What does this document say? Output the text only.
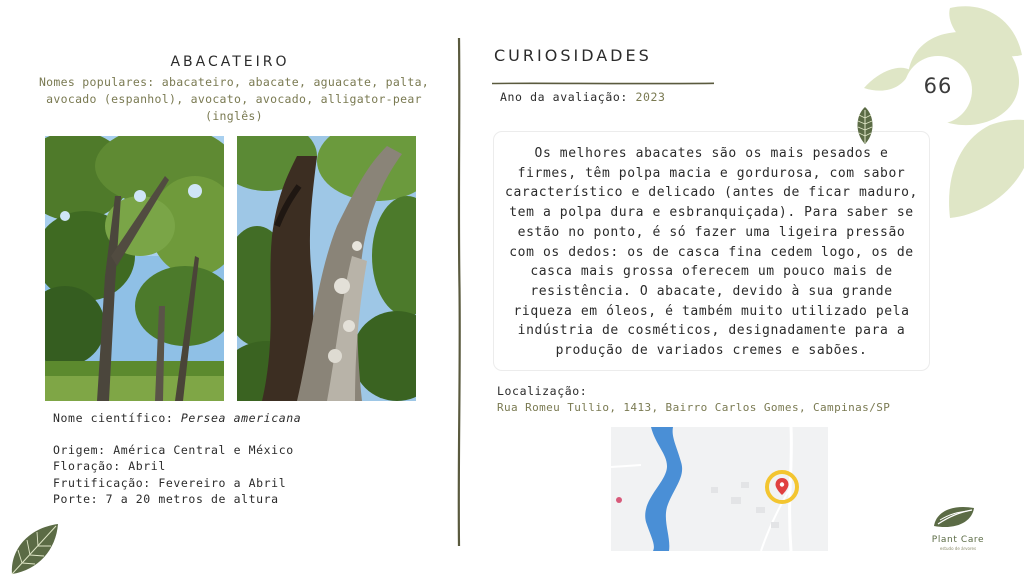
ABACATEIRO
Nomes populares: abacateiro, abacate, aguacate, palta, avocado (espanhol), avocato, avocado, alligator-pear (inglês)
Nome científico: Persea americana
Origem: América Central e México
Floração: Abril
Frutificação: Fevereiro a Abril
Porte: 7 a 20 metros de altura
CURIOSIDADES
Ano da avaliação: 2023
Os melhores abacates são os mais pesados e firmes, têm polpa macia e gordurosa, com sabor característico e delicado (antes de ficar maduro, tem a polpa dura e esbranquiçada). Para saber se estão no ponto, é só fazer uma ligeira pressão com os dedos: os de casca fina cedem logo, os de casca mais grossa oferecem um pouco mais de resistência. O abacate, devido à sua grande riqueza em óleos, é também muito utilizado pela indústria de cosméticos, designadamente para a produção de variados cremes e sabões.
Localização:
Rua Romeu Tullio, 1413, Bairro Carlos Gomes, Campinas/SP
66
Plant Care
estudo de árvores
